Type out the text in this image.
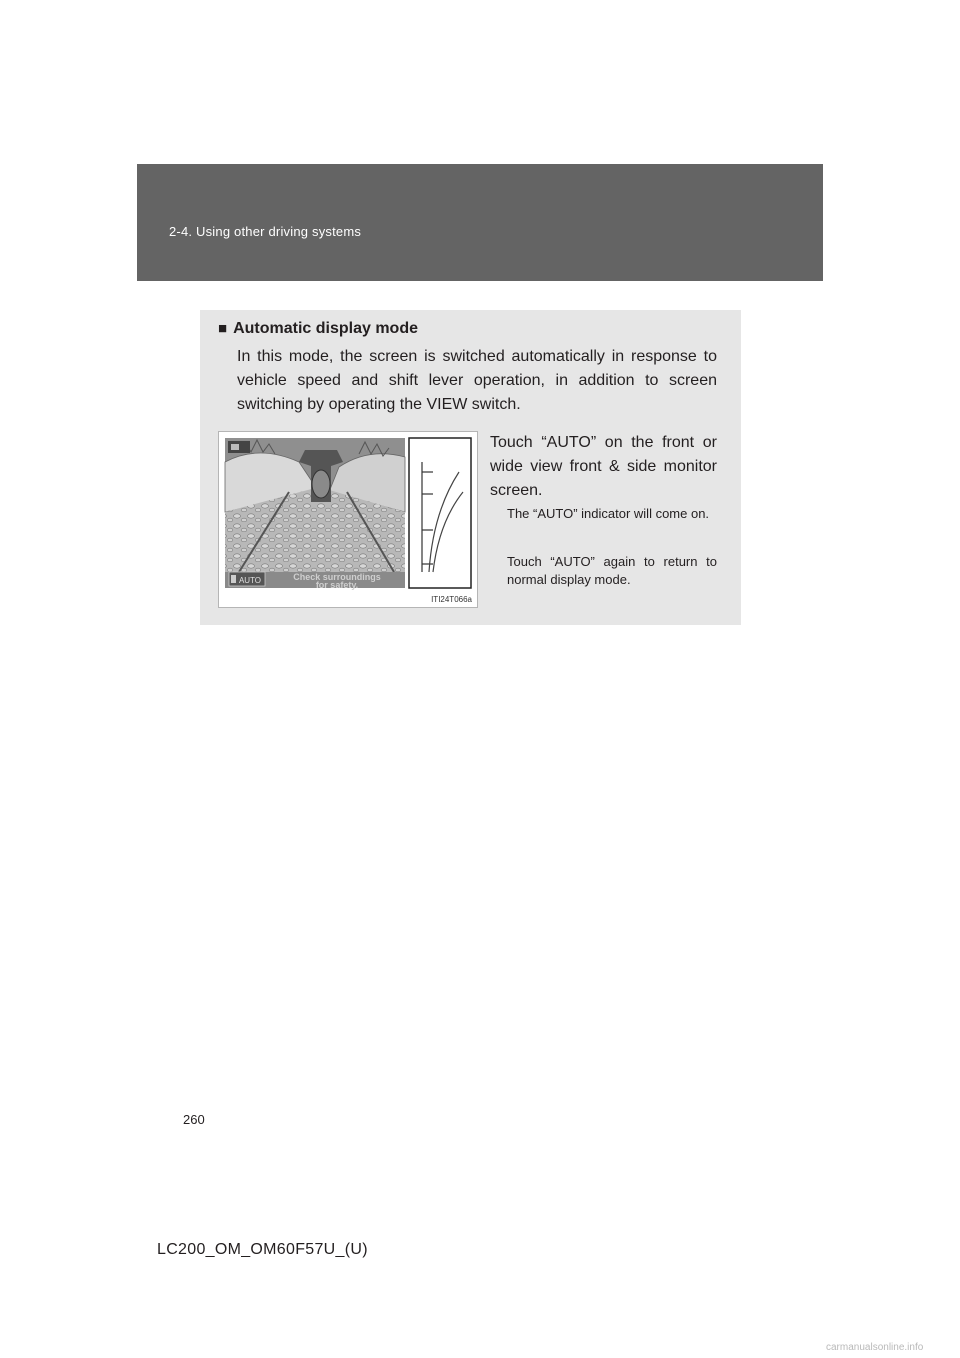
2-4. Using other driving systems
■ Automatic display mode
In this mode, the screen is switched automatically in response to vehicle speed and shift lever operation, in addition to screen switching by operating the VIEW switch.
Check surroundings
for safety.
AUTO
ITI24T066a
Touch “AUTO” on the front or wide view front & side monitor screen.
The “AUTO” indicator will come on.
Touch “AUTO” again to return to normal display mode.
260
LC200_OM_OM60F57U_(U)
carmanualsonline.info
